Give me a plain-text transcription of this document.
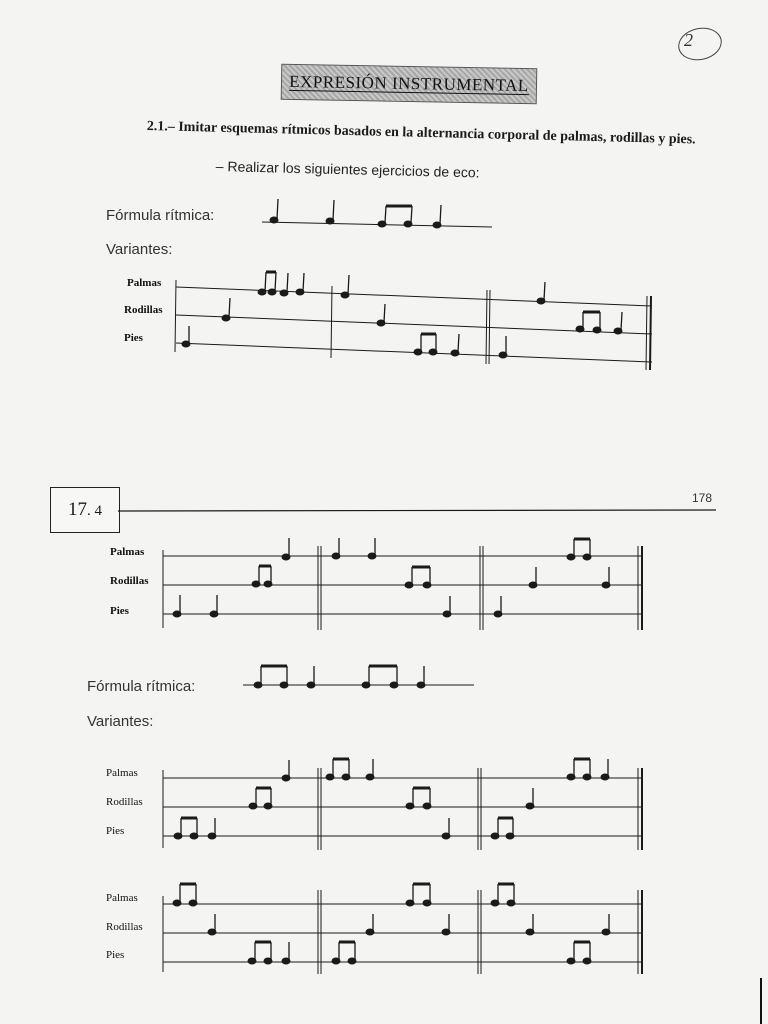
2
EXPRESIÓN INSTRUMENTAL
2.1.– Imitar esquemas rítmicos basados en la alternancia corporal de palmas, rodillas y pies.
– Realizar los siguientes ejercicios de eco:
Fórmula rítmica:
Variantes:
Palmas
Rodillas
Pies
17. 4
178
Palmas
Rodillas
Pies
Fórmula rítmica:
Variantes:
Palmas
Rodillas
Pies
Palmas
Rodillas
Pies
